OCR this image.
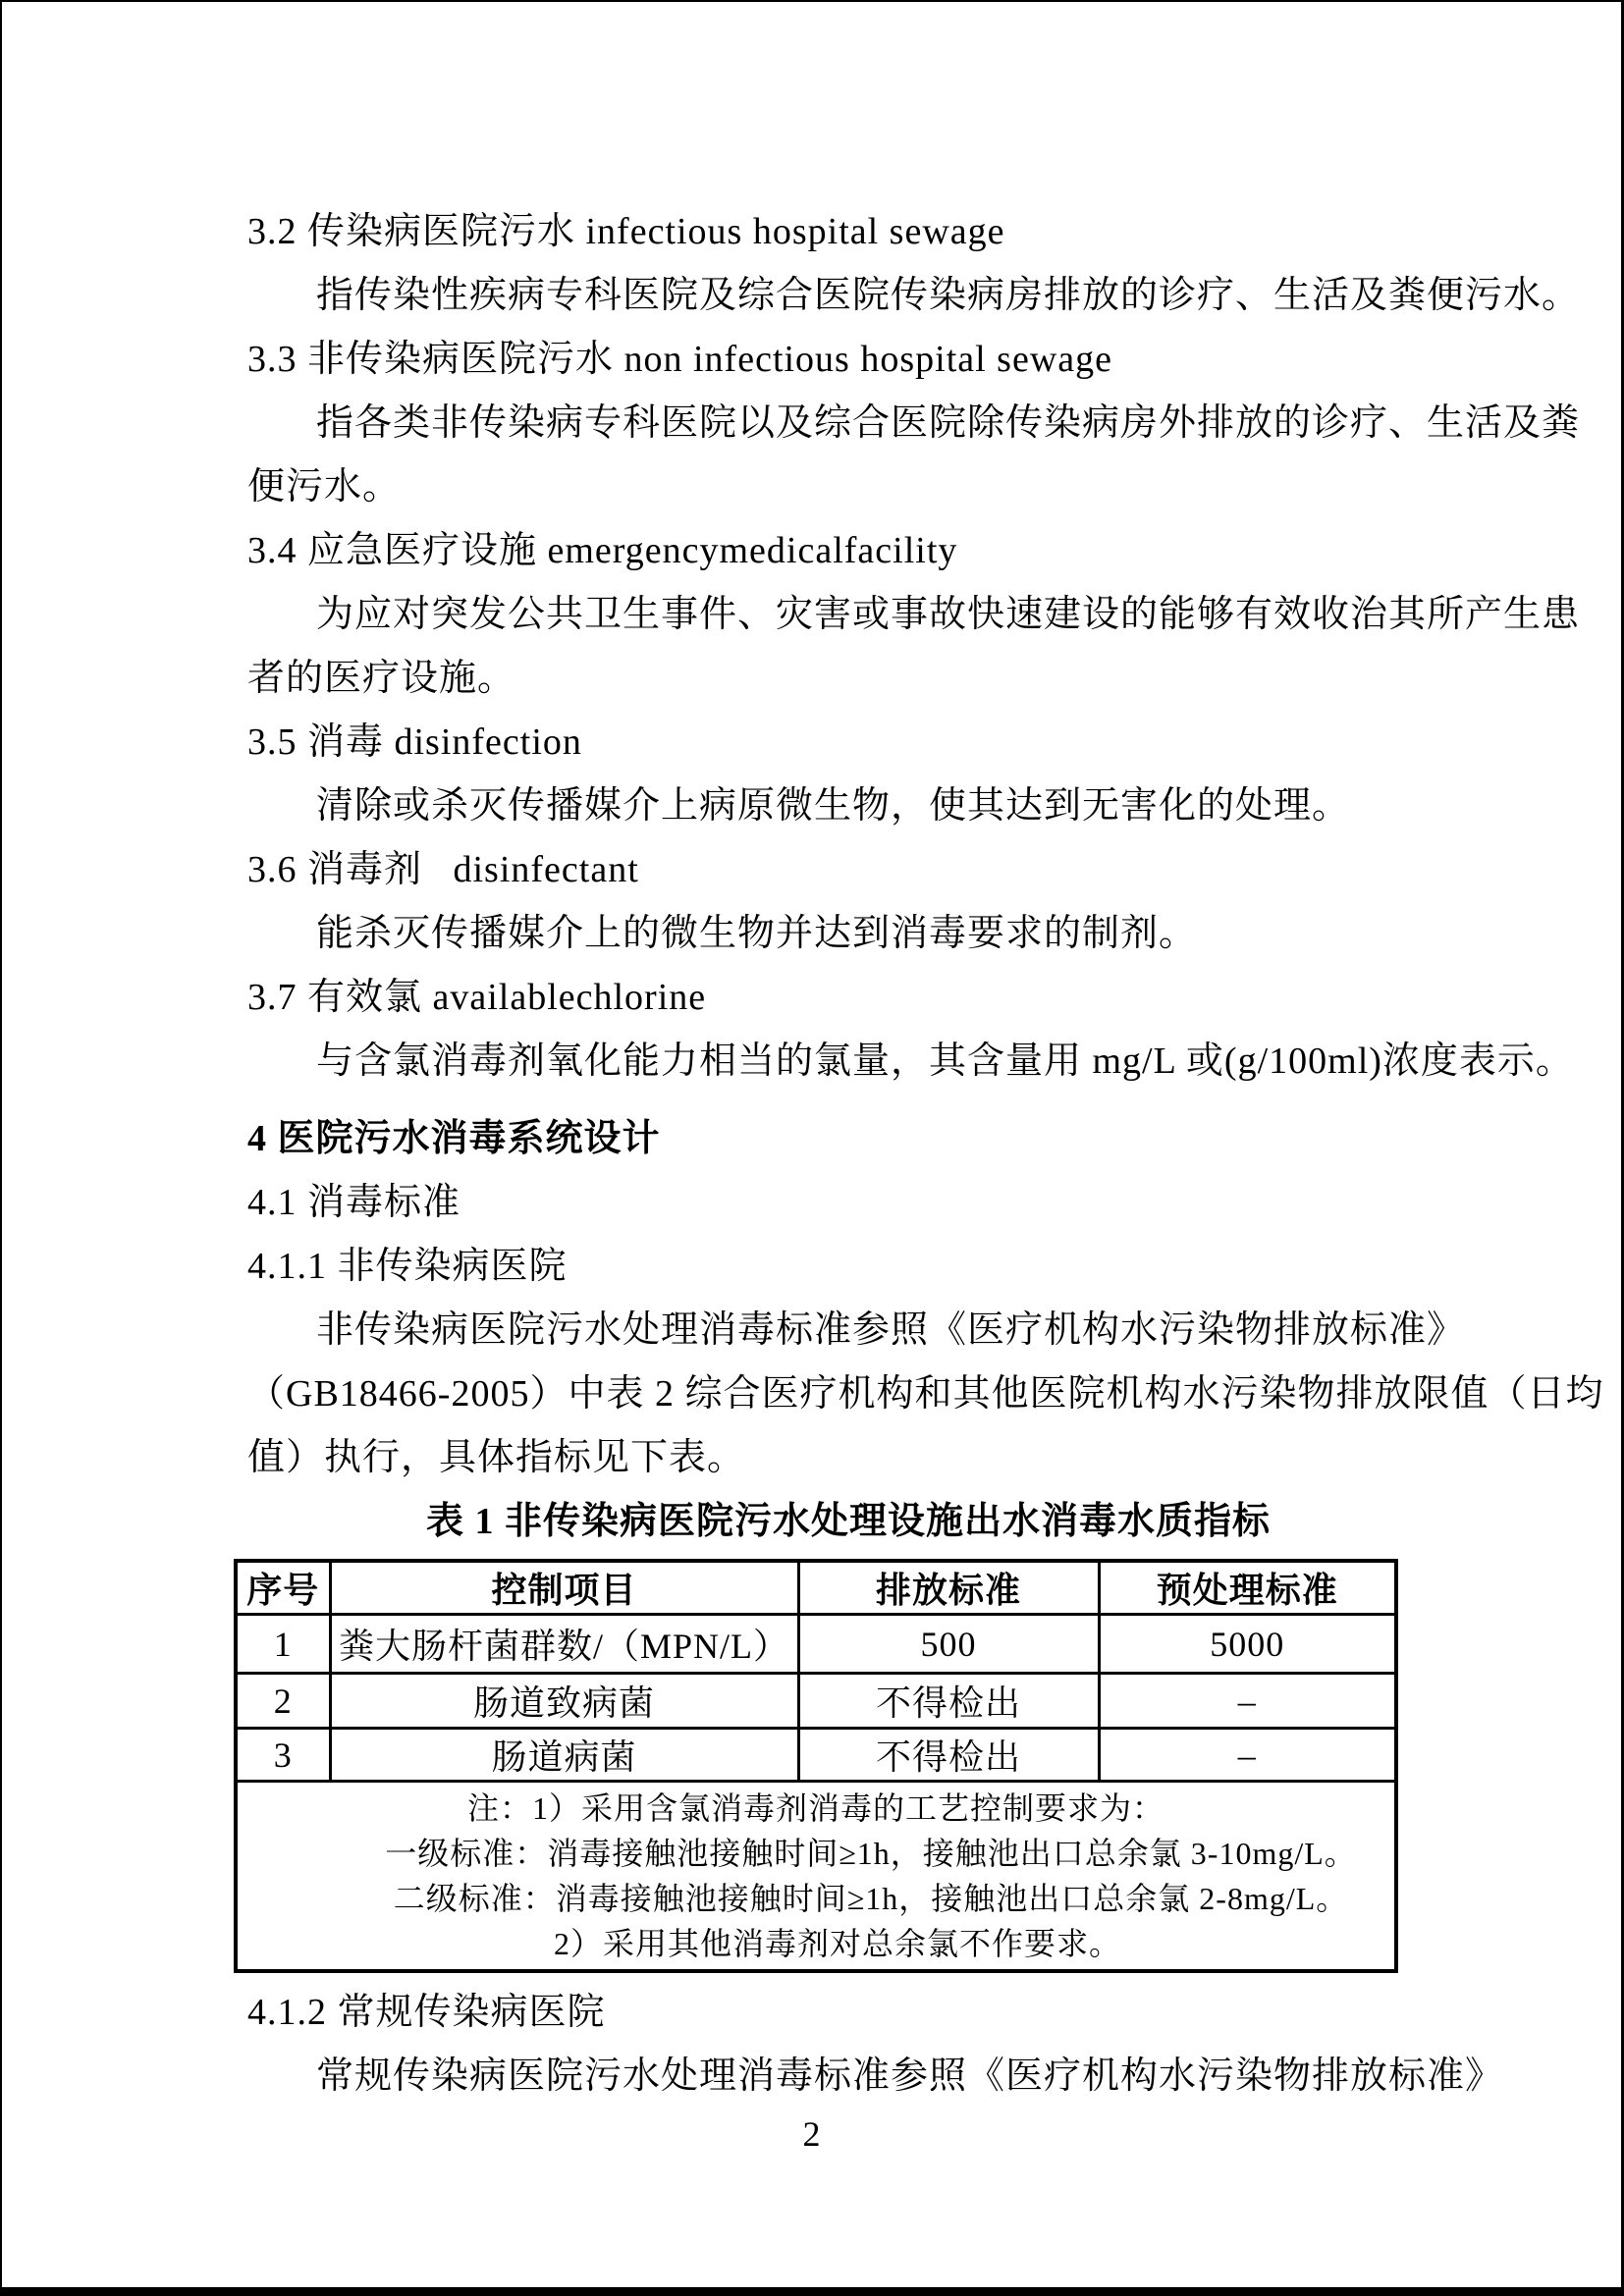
3.2 传染病医院污水 infectious hospital sewage
指传染性疾病专科医院及综合医院传染病房排放的诊疗、生活及粪便污水。
3.3 非传染病医院污水 non infectious hospital sewage
指各类非传染病专科医院以及综合医院除传染病房外排放的诊疗、生活及粪
便污水。
3.4 应急医疗设施 emergencymedicalfacility
为应对突发公共卫生事件、灾害或事故快速建设的能够有效收治其所产生患
者的医疗设施。
3.5 消毒 disinfection
清除或杀灭传播媒介上病原微生物，使其达到无害化的处理。
3.6 消毒剂   disinfectant
能杀灭传播媒介上的微生物并达到消毒要求的制剂。
3.7 有效氯 availablechlorine
与含氯消毒剂氧化能力相当的氯量，其含量用 mg/L 或(g/100ml)浓度表示。
4 医院污水消毒系统设计
4.1 消毒标准
4.1.1 非传染病医院
非传染病医院污水处理消毒标准参照《医疗机构水污染物排放标准》
（GB18466-2005）中表 2 综合医疗机构和其他医院机构水污染物排放限值（日均
值）执行，具体指标见下表。
表 1 非传染病医院污水处理设施出水消毒水质指标
序号	控制项目	排放标准	预处理标准
1	粪大肠杆菌群数/（MPN/L）	500	5000
2	肠道致病菌	不得检出	–
3	肠道病菌	不得检出	–

注：1）采用含氯消毒剂消毒的工艺控制要求为：
一级标准：消毒接触池接触时间≥1h，接触池出口总余氯 3-10mg/L。
二级标准：消毒接触池接触时间≥1h，接触池出口总余氯 2-8mg/L。
2）采用其他消毒剂对总余氯不作要求。			
4.1.2 常规传染病医院
常规传染病医院污水处理消毒标准参照《医疗机构水污染物排放标准》
2
